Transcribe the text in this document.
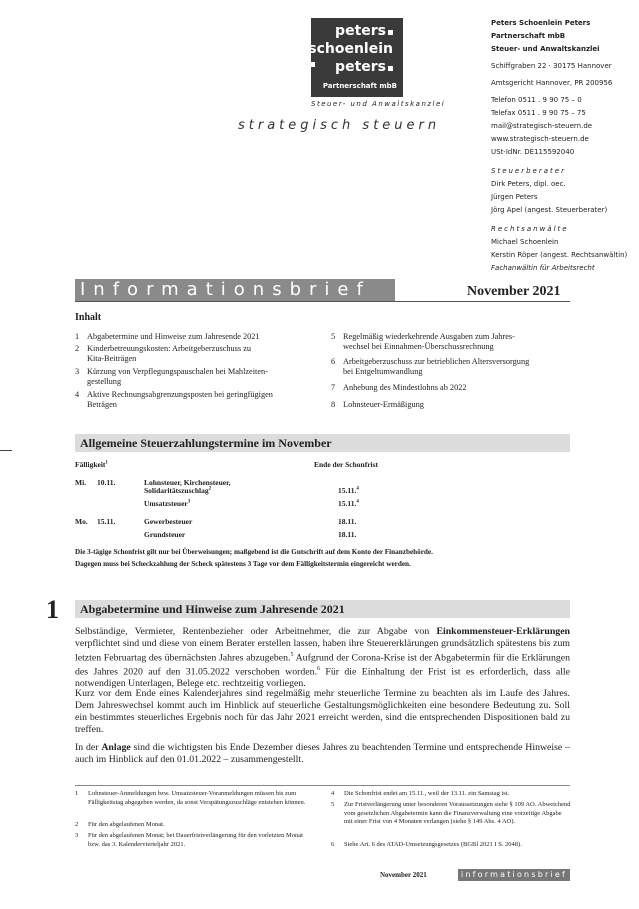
peters
schoenlein
peters
Partnerschaft mbB
Steuer- und Anwaltskanzlei
strategisch steuern
Peters Schoenlein Peters
Partnerschaft mbB
Steuer- und Anwaltskanzlei
Schiffgraben 22 · 30175 Hannover
Amtsgericht Hannover, PR 200956
Telefon 0511 . 9 90 75 – 0
Telefax 0511 . 9 90 75 – 75
mail@strategisch-steuern.de
www.strategisch-steuern.de
USt-IdNr. DE115592040
Steuerberater
Dirk Peters, dipl. oec.
Jürgen Peters
Jörg Apel (angest. Steuerberater)
Rechtsanwälte
Michael Schoenlein
Kerstin Röper (angest. Rechtsanwältin)
Fachanwältin für Arbeitsrecht
Informationsbrief	November 2021
Inhalt
1 Abgabetermine und Hinweise zum Jahresende 2021
2 Kinderbetreuungskosten: Arbeitgeberzuschuss zu
Kita-Beiträgen
3 Kürzung von Verpflegungspauschalen bei Mahlzeiten-
gestellung
4 Aktive Rechnungsabgrenzungsposten bei geringfügigen
Beträgen
5 Regelmäßig wiederkehrende Ausgaben zum Jahres-
wechsel bei Einnahmen-Überschussrechnung
6 Arbeitgeberzuschuss zur betrieblichen Altersversorgung
bei Entgeltumwandlung
7 Anhebung des Mindestlohns ab 2022
8 Lohnsteuer-Ermäßigung
Allgemeine Steuerzahlungstermine im November
Fälligkeit$^1$	Ende der Schonfrist
Mi. 10.11.	Lohnsteuer, Kirchensteuer,
Solidaritätszuschlag$^2$	15.11.$^4$
Umsatzsteuer$^3$	15.11.$^4$
Mo. 15.11.	Gewerbesteuer	18.11.
Grundsteuer	18.11.
Die 3-tägige Schonfrist gilt nur bei Überweisungen; maßgebend ist die Gutschrift auf dem Konto der Finanzbehörde.
Dagegen muss bei Scheckzahlung der Scheck spätestens 3 Tage vor dem Fälligkeitstermin eingereicht werden.
1 Abgabetermine und Hinweise zum Jahresende 2021
Selbständige, Vermieter, Rentenbezieher oder Arbeitnehmer, die zur Abgabe von Einkommensteuer-Erklärungen verpflichtet sind und diese von einem Berater erstellen lassen, haben ihre Steuererklärungen grundsätzlich spätestens bis zum letzten Februartag des übernächsten Jahres abzugeben.$^5$ Aufgrund der Corona-Krise ist der Abgabetermin für die Erklärungen des Jahres 2020 auf den 31.05.2022 verschoben worden.$^6$ Für die Einhaltung der Frist ist es erforderlich, dass alle notwendigen Unterlagen, Belege etc. rechtzeitig vorliegen.
Kurz vor dem Ende eines Kalenderjahres sind regelmäßig mehr steuerliche Termine zu beachten als im Laufe des Jahres. Dem Jahreswechsel kommt auch im Hinblick auf steuerliche Gestaltungsmöglichkeiten eine besondere Bedeutung zu. Soll ein bestimmtes steuerliches Ergebnis noch für das Jahr 2021 erreicht werden, sind die entsprechenden Dispositionen bald zu treffen.
In der Anlage sind die wichtigsten bis Ende Dezember dieses Jahres zu beachtenden Termine und entsprechende Hinweise – auch im Hinblick auf den 01.01.2022 – zusammengestellt.
1	Lohnsteuer-Anmeldungen bzw. Umsatzsteuer-Voranmeldungen müssen bis zum Fälligkeitstag abgegeben werden, da sonst Verspätungszuschläge entstehen können.
2	Für den abgelaufenen Monat.
3	Für den abgelaufenen Monat; bei Dauerfristverlängerung für den vorletzten Monat bzw. das 3. Kalendervierteljahr 2021.
4	Die Schonfrist endet am 15.11., weil der 13.11. ein Samstag ist.
5	Zur Fristverlängerung unter besonderen Voraussetzungen siehe § 109 AO. Abweichend vom gesetzlichen Abgabetermin kann die Finanzverwaltung eine vorzeitige Abgabe mit einer Frist von 4 Monaten verlangen (siehe § 149 Abs. 4 AO).
6	Siehe Art. 6 des ATAD-Umsetzungsgesetzes (BGBl 2021 I S. 2048).
November 2021	informationsbrief
